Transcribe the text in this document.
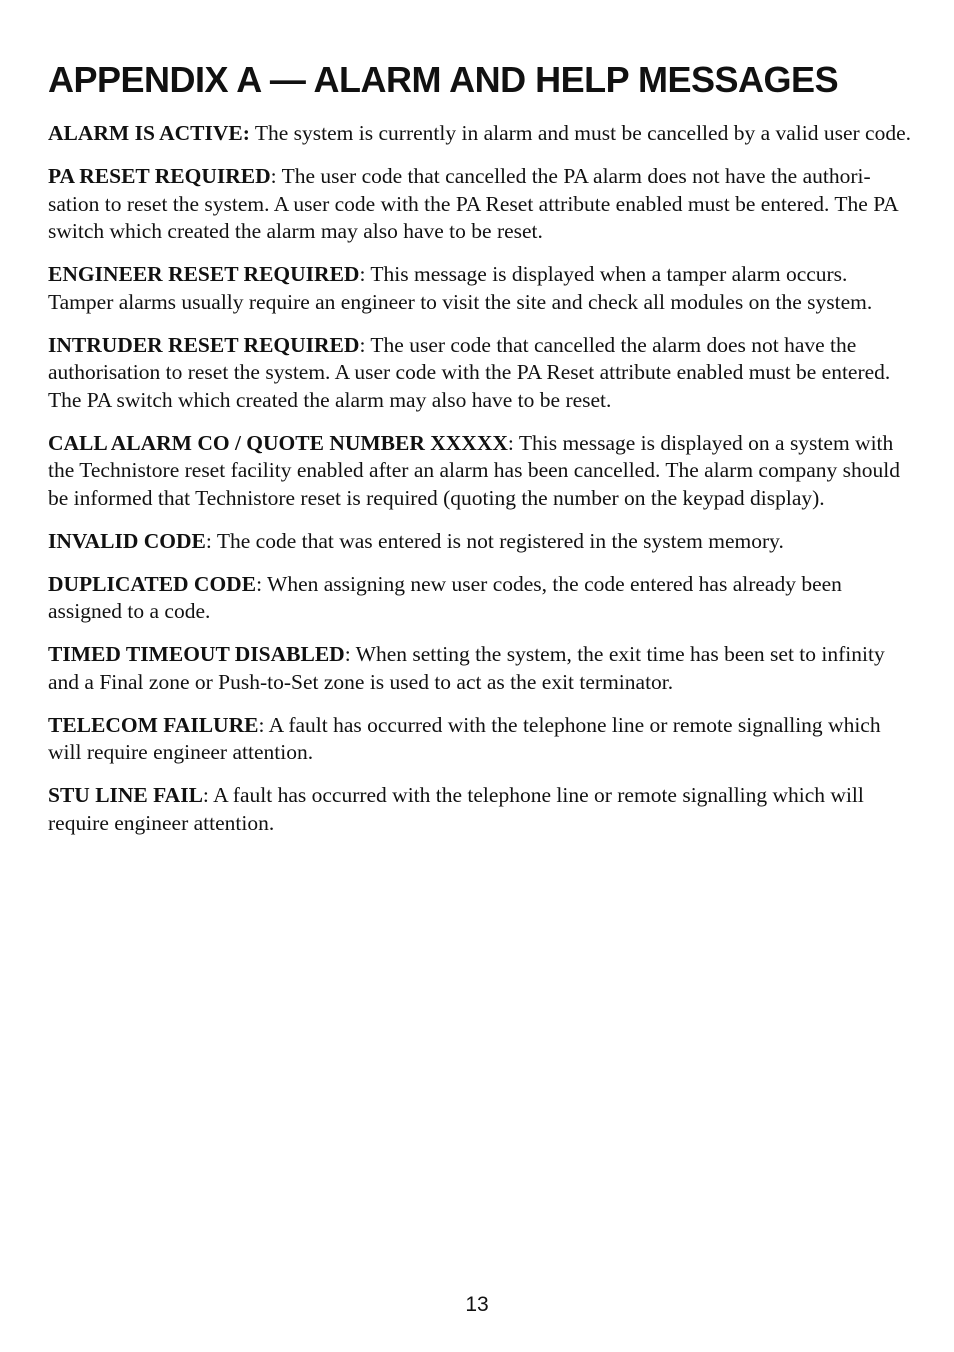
APPENDIX A — ALARM AND HELP MESSAGES

ALARM IS ACTIVE: The system is currently in alarm and must be cancelled by a valid user code.

PA RESET REQUIRED: The user code that cancelled the PA alarm does not have the authori-sation to reset the system. A user code with the PA Reset attribute enabled must be entered. The PA switch which created the alarm may also have to be reset.

ENGINEER RESET REQUIRED: This message is displayed when a tamper alarm occurs. Tamper alarms usually require an engineer to visit the site and check all modules on the system.

INTRUDER RESET REQUIRED: The user code that cancelled the alarm does not have the authorisation to reset the system. A user code with the PA Reset attribute enabled must be entered. The PA switch which created the alarm may also have to be reset.

CALL ALARM CO / QUOTE NUMBER XXXXX: This message is displayed on a system with the Technistore reset facility enabled after an alarm has been cancelled. The alarm company should be informed that Technistore reset is required (quoting the number on the keypad display).

INVALID CODE: The code that was entered is not registered in the system memory.

DUPLICATED CODE: When assigning new user codes, the code entered has already been assigned to a code.

TIMED TIMEOUT DISABLED: When setting the system, the exit time has been set to infinity and a Final zone or Push-to-Set zone is used to act as the exit terminator.

TELECOM FAILURE: A fault has occurred with the telephone line or remote signalling which will require engineer attention.

STU LINE FAIL: A fault has occurred with the telephone line or remote signalling which will require engineer attention.

13
